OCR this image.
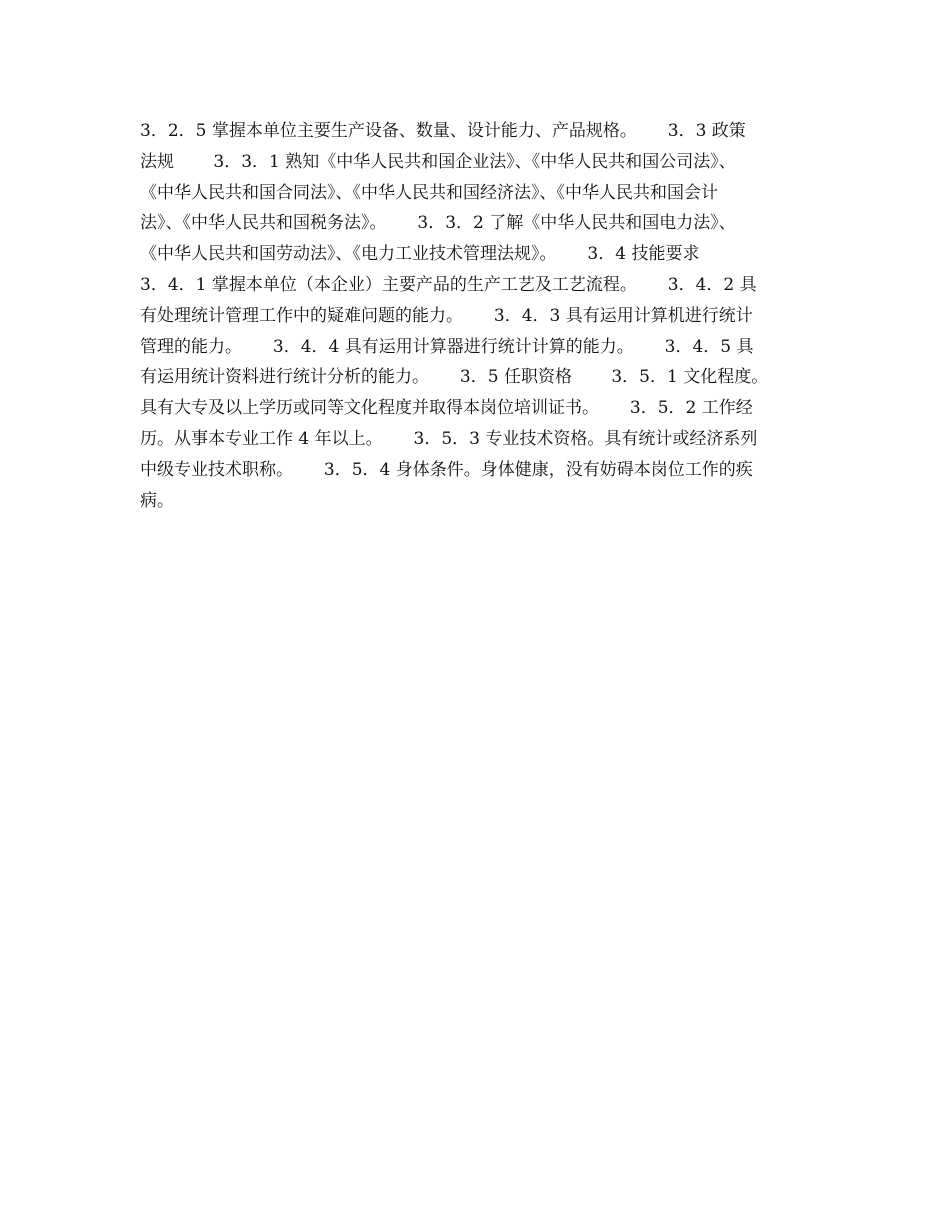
3．2．5 掌握本单位主要生产设备、数量、设计能力、产品规格。　　 3．3 政策
法规　　 3．3．1 熟知《中华人民共和国企业法》、《中华人民共和国公司法》、
《中华人民共和国合同法》、《中华人民共和国经济法》、《中华人民共和国会计
法》、《中华人民共和国税务法》。　　 3．3．2 了解《中华人民共和国电力法》、
《中华人民共和国劳动法》、《电力工业技术管理法规》。　　 3．4 技能要求
3．4．1 掌握本单位（本企业）主要产品的生产工艺及工艺流程。　　 3．4．2 具
有处理统计管理工作中的疑难问题的能力。　　 3．4．3 具有运用计算机进行统计
管理的能力。　　 3．4．4 具有运用计算器进行统计计算的能力。　　 3．4．5 具
有运用统计资料进行统计分析的能力。　　 3．5 任职资格　　 3．5．1 文化程度。
具有大专及以上学历或同等文化程度并取得本岗位培训证书。　　 3．5．2 工作经
历。从事本专业工作 4 年以上。　　 3．5．3 专业技术资格。具有统计或经济系列
中级专业技术职称。　　 3．5．4 身体条件。身体健康，没有妨碍本岗位工作的疾
病。
